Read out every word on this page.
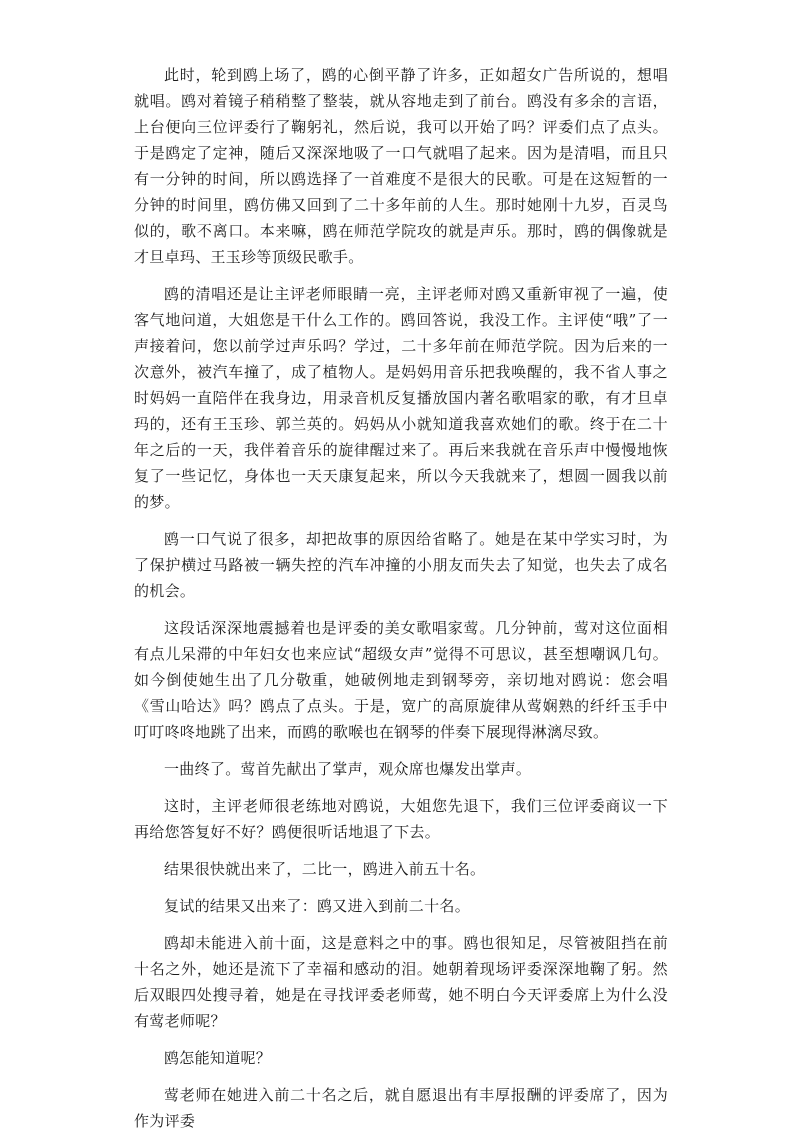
此时，轮到鸥上场了，鸥的心倒平静了许多，正如超女广告所说的，想唱就唱。鸥对着镜子稍稍整了整装，就从容地走到了前台。鸥没有多余的言语，上台便向三位评委行了鞠躬礼，然后说，我可以开始了吗？评委们点了点头。于是鸥定了定神，随后又深深地吸了一口气就唱了起来。因为是清唱，而且只有一分钟的时间，所以鸥选择了一首难度不是很大的民歌。可是在这短暂的一分钟的时间里，鸥仿佛又回到了二十多年前的人生。那时她刚十九岁，百灵鸟似的，歌不离口。本来嘛，鸥在师范学院攻的就是声乐。那时，鸥的偶像就是才旦卓玛、王玉珍等顶级民歌手。

鸥的清唱还是让主评老师眼睛一亮，主评老师对鸥又重新审视了一遍，使客气地问道，大姐您是干什么工作的。鸥回答说，我没工作。主评使“哦”了一声接着问，您以前学过声乐吗？学过，二十多年前在师范学院。因为后来的一次意外，被汽车撞了，成了植物人。是妈妈用音乐把我唤醒的，我不省人事之时妈妈一直陪伴在我身边，用录音机反复播放国内著名歌唱家的歌，有才旦卓玛的，还有王玉珍、郭兰英的。妈妈从小就知道我喜欢她们的歌。终于在二十年之后的一天，我伴着音乐的旋律醒过来了。再后来我就在音乐声中慢慢地恢复了一些记忆，身体也一天天康复起来，所以今天我就来了，想圆一圆我以前的梦。

鸥一口气说了很多，却把故事的原因给省略了。她是在某中学实习时，为了保护横过马路被一辆失控的汽车冲撞的小朋友而失去了知觉，也失去了成名的机会。

这段话深深地震撼着也是评委的美女歌唱家莺。几分钟前，莺对这位面相有点儿呆滞的中年妇女也来应试“超级女声”觉得不可思议，甚至想嘲讽几句。如今倒使她生出了几分敬重，她破例地走到钢琴旁，亲切地对鸥说：您会唱《雪山哈达》吗？鸥点了点头。于是，宽广的高原旋律从莺娴熟的纤纤玉手中叮叮咚咚地跳了出来，而鸥的歌喉也在钢琴的伴奏下展现得淋漓尽致。

一曲终了。莺首先献出了掌声，观众席也爆发出掌声。

这时，主评老师很老练地对鸥说，大姐您先退下，我们三位评委商议一下再给您答复好不好？鸥便很听话地退了下去。

结果很快就出来了，二比一，鸥进入前五十名。

复试的结果又出来了：鸥又进入到前二十名。

鸥却未能进入前十面，这是意料之中的事。鸥也很知足，尽管被阻挡在前十名之外，她还是流下了幸福和感动的泪。她朝着现场评委深深地鞠了躬。然后双眼四处搜寻着，她是在寻找评委老师莺，她不明白今天评委席上为什么没有莺老师呢？

鸥怎能知道呢？

莺老师在她进入前二十名之后，就自愿退出有丰厚报酬的评委席了，因为作为评委
